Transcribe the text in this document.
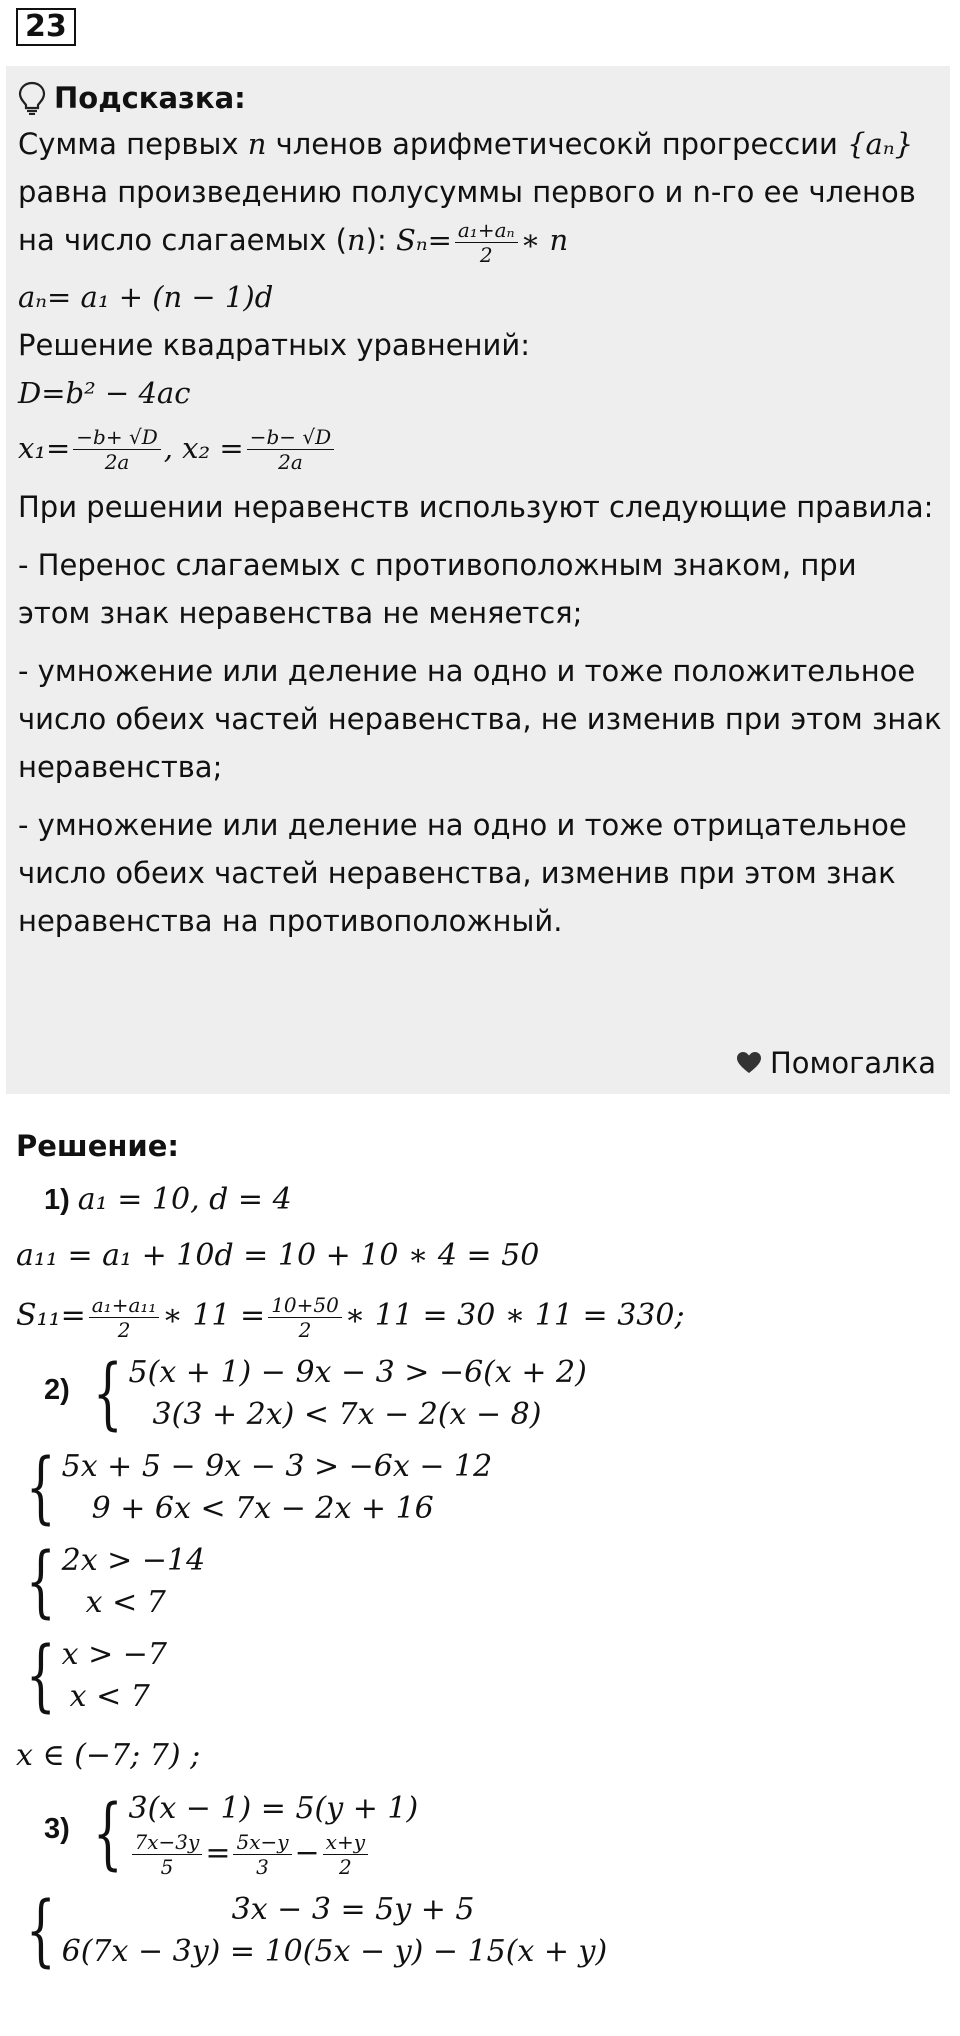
23
Подсказка:
Сумма первых n членов арифметичесокй прогрессии {aₙ}
равна произведению полусуммы первого и n-го ее членов
на число слагаемых (n): $S_n= \frac{\text{a₁+aₙ}}{2}$ ∗ n
aₙ= a₁ + (n − 1)d
Решение квадратных уравнений:
D=b² − 4ac
$x_1= \frac{-b+ √D}{2a}$ , $x_2 = \frac{-b- √D}{2a}$
При решении неравенств используют следующие правила:
- Перенос слагаемых с противоположным знаком, при
этом знак неравенства не меняется;
- умножение или деление на одно и тоже положительное
число обеих частей неравенства, не изменив при этом знак
неравенства;
- умножение или деление на одно и тоже отрицательное
число обеих частей неравенства, изменив при этом знак
неравенства на противоположный.
Помогалка
Решение:
1) a₁ = 10, d = 4
a₁₁ = a₁ + 10d = 10 + 10 ∗ 4 = 50
$S_{11}= \frac{\text{a₁+a₁₁}}{2}$ ∗ $11 = \frac{10+50}{2}$ ∗ 11 = 30 ∗ 11 = 330;
2) { 5(x + 1) − 9x − 3 > −6(x + 2)
3(3 + 2x) < 7x − 2(x − 8)
{ 5x + 5 − 9x − 3 > −6x − 12
9 + 6x < 7x − 2x + 16
{ 2x > −14
x < 7
{ x > −7
x < 7
x ∈ (−7; 7) ;
3) { 3(x − 1) = 5(y + 1)
$\frac{7x-3y}{5} = \frac{5x-y}{3} - \frac{x+y}{2}$
{	3x − 3 = 5y + 5
6(7x − 3y) = 10(5x − y) − 15(x + y)
